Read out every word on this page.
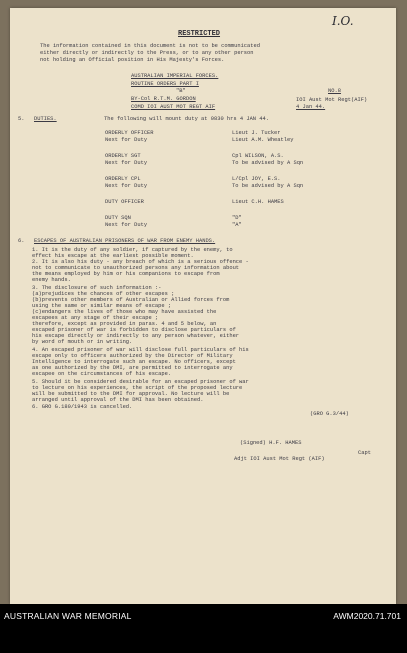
I.O.
RESTRICTED
The information contained in this document is not to be communicated
either directly or indirectly to the Press, or to any other person
not holding an Official position in His Majesty's Forces.
AUSTRALIAN IMPERIAL FORCES.
ROUTINE ORDERS PART I
"B"
BY-Col R.T.M. GORDON
COMD IOI AUST MOT REGT AIF
NO.8
IOI Aust Mot Regt(AIF)
4 Jan 44.
5. DUTIES.	The following will mount duty at 0830 hrs 4 JAN 44.
ORDERLY OFFICER	Lieut J. Tucker
Next for Duty	Lieut A.M. Wheatley
ORDERLY SGT	Cpl WILSON, A.S.
Next for Duty	To be advised by A Sqn
ORDERLY CPL	L/Cpl JOY, E.S.
Next for Duty	To be advised by A Sqn
DUTY OFFICER	Lieut C.H. HAMES
DUTY SQN	"D"
Next for Duty	"A"
6. ESCAPES OF AUSTRALIAN PRISONERS OF WAR FROM ENEMY HANDS.
1. It is the duty of any soldier, if captured by the enemy, to
effect his escape at the earliest possible moment.
2. It is also his duty - any breach of which is a serious offence -
not to communicate to unauthorized persons any information about
the means employed by him or his companions to escape from
enemy hands.
3. The disclosure of such information :-
(a)prejudices the chances of other escapes ;
(b)prevents other members of Australian or Allied forces from
using the same or similar means of escape ;
(c)endangers the lives of those who may have assisted the
escapees at any stage of their escape ;
therefore, except as provided in paras. 4 and 5 below, an
escaped prisoner of war is forbidden to disclose particulars of
his escape directly or indirectly to any person whatever, either
by word of mouth or in writing.
4. An escaped prisoner of war will disclose full particulars of his
escape only to officers authorized by the Director of Military
Intelligence to interrogate such an escape. No officers, except
as one authorized by the DMI, are permitted to interrogate any
escapee on the circumstances of his escape.
5. Should it be considered desirable for an escaped prisoner of war
to lecture on his experiences, the script of the proposed lecture
will be submitted to the DMI for approval. No lecture will be
arranged until approval of the DMI has been obtained.
6. GRO G.180/1943 is cancelled.
(GRO G.3/44)
(Signed) H.F. HAMES
Capt
Adjt IOI Aust Mot Regt (AIF)
AUSTRALIAN WAR MEMORIAL	AWM2020.71.701
